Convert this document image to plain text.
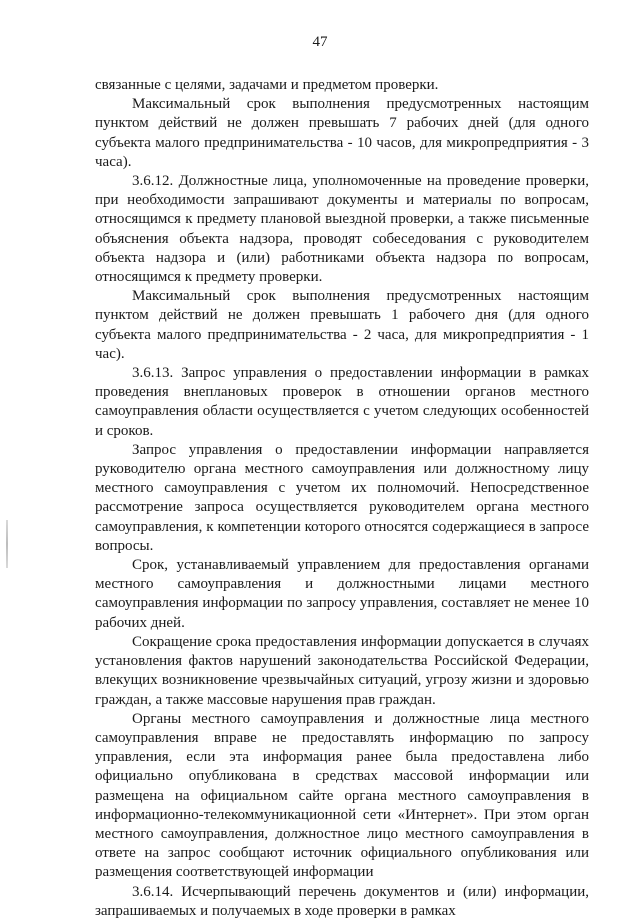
47

связанные с целями, задачами и предметом проверки.

Максимальный срок выполнения предусмотренных настоящим пунктом действий не должен превышать 7 рабочих дней (для одного субъекта малого предпринимательства - 10 часов, для микропредприятия - 3 часа).

3.6.12. Должностные лица, уполномоченные на проведение проверки, при необходимости запрашивают документы и материалы по вопросам, относящимся к предмету плановой выездной проверки, а также письменные объяснения объекта надзора, проводят собеседования с руководителем объекта надзора и (или) работниками объекта надзора по вопросам, относящимся к предмету проверки.

Максимальный срок выполнения предусмотренных настоящим пунктом действий не должен превышать 1 рабочего дня (для одного субъекта малого предпринимательства - 2 часа, для микропредприятия - 1 час).

3.6.13. Запрос управления о предоставлении информации в рамках проведения внеплановых проверок в отношении органов местного самоуправления области осуществляется с учетом следующих особенностей и сроков.

Запрос управления о предоставлении информации направляется руководителю органа местного самоуправления или должностному лицу местного самоуправления с учетом их полномочий. Непосредственное рассмотрение запроса осуществляется руководителем органа местного самоуправления, к компетенции которого относятся содержащиеся в запросе вопросы.

Срок, устанавливаемый управлением для предоставления органами местного самоуправления и должностными лицами местного самоуправления информации по запросу управления, составляет не менее 10 рабочих дней.

Сокращение срока предоставления информации допускается в случаях установления фактов нарушений законодательства Российской Федерации, влекущих возникновение чрезвычайных ситуаций, угрозу жизни и здоровью граждан, а также массовые нарушения прав граждан.

Органы местного самоуправления и должностные лица местного самоуправления вправе не предоставлять информацию по запросу управления, если эта информация ранее была предоставлена либо официально опубликована в средствах массовой информации или размещена на официальном сайте органа местного самоуправления в информационно-телекоммуникационной сети «Интернет». При этом орган местного самоуправления, должностное лицо местного самоуправления в ответе на запрос сообщают источник официального опубликования или размещения соответствующей информации

3.6.14. Исчерпывающий перечень документов и (или) информации, запрашиваемых и получаемых в ходе проверки в рамках
